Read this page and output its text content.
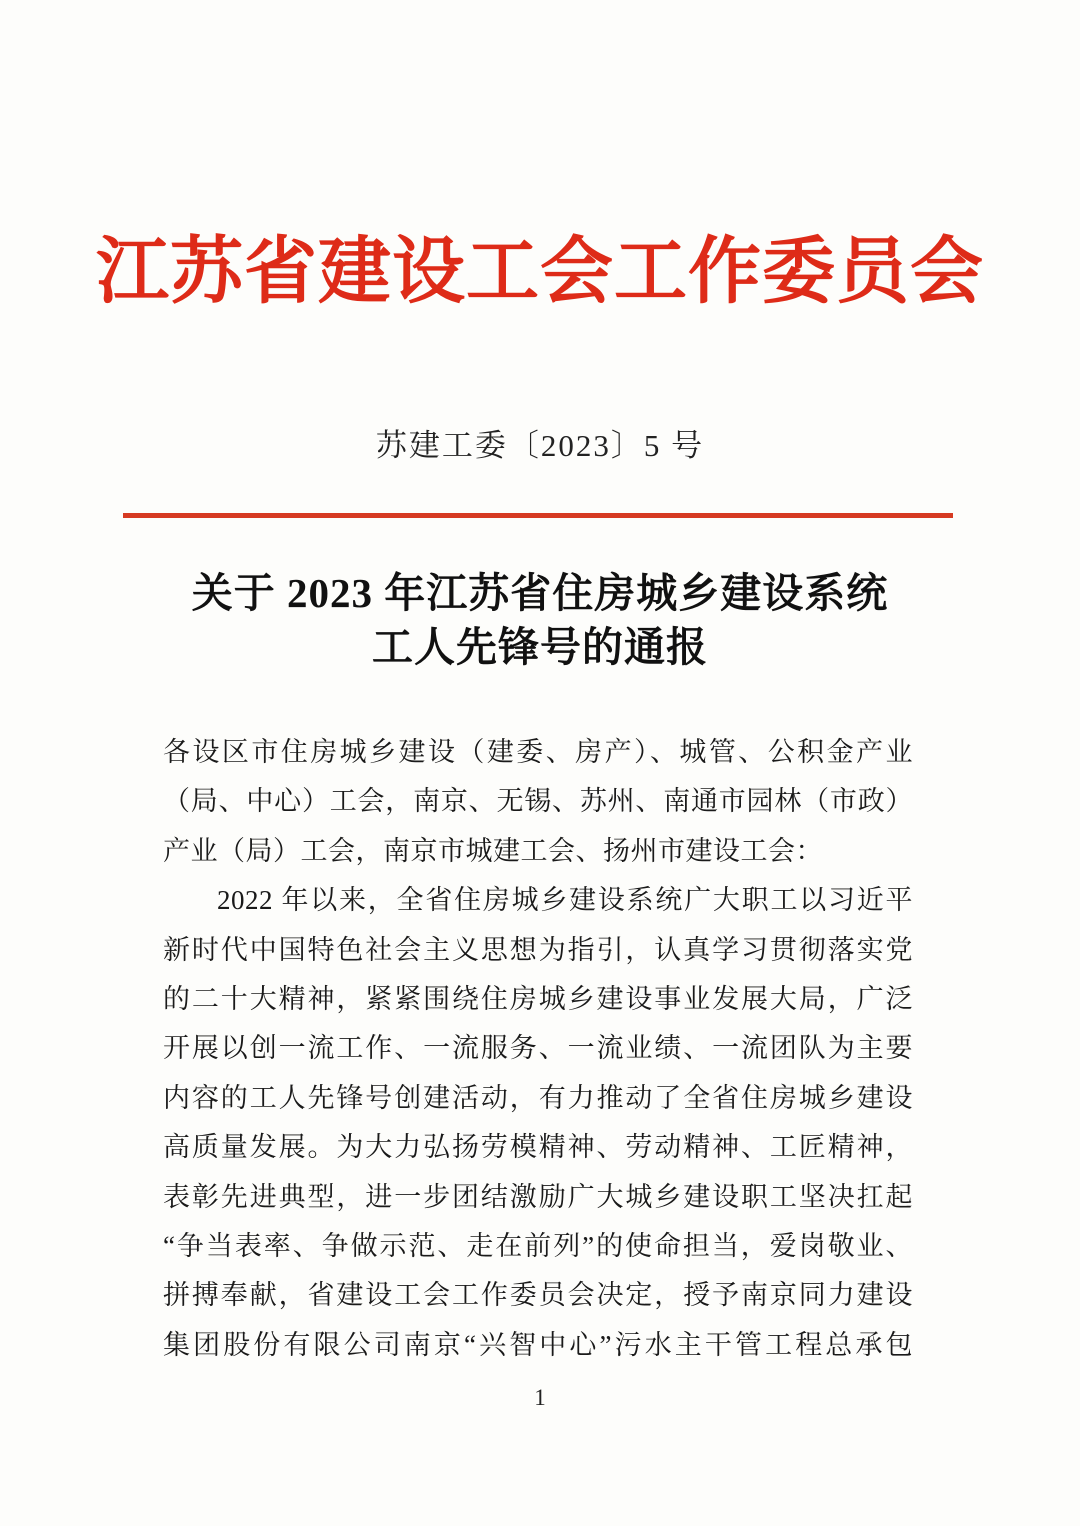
江苏省建设工会工作委员会
苏建工委〔2023〕5 号
关于 2023 年江苏省住房城乡建设系统
工人先锋号的通报
各设区市住房城乡建设（建委、房产）、城管、公积金产业
（局、中心）工会，南京、无锡、苏州、南通市园林（市政）
产业（局）工会，南京市城建工会、扬州市建设工会：
2022 年以来，全省住房城乡建设系统广大职工以习近平
新时代中国特色社会主义思想为指引，认真学习贯彻落实党
的二十大精神，紧紧围绕住房城乡建设事业发展大局，广泛
开展以创一流工作、一流服务、一流业绩、一流团队为主要
内容的工人先锋号创建活动，有力推动了全省住房城乡建设
高质量发展。为大力弘扬劳模精神、劳动精神、工匠精神，
表彰先进典型，进一步团结激励广大城乡建设职工坚决扛起
“争当表率、争做示范、走在前列”的使命担当，爱岗敬业、
拼搏奉献，省建设工会工作委员会决定，授予南京同力建设
集团股份有限公司南京“兴智中心”污水主干管工程总承包
1
